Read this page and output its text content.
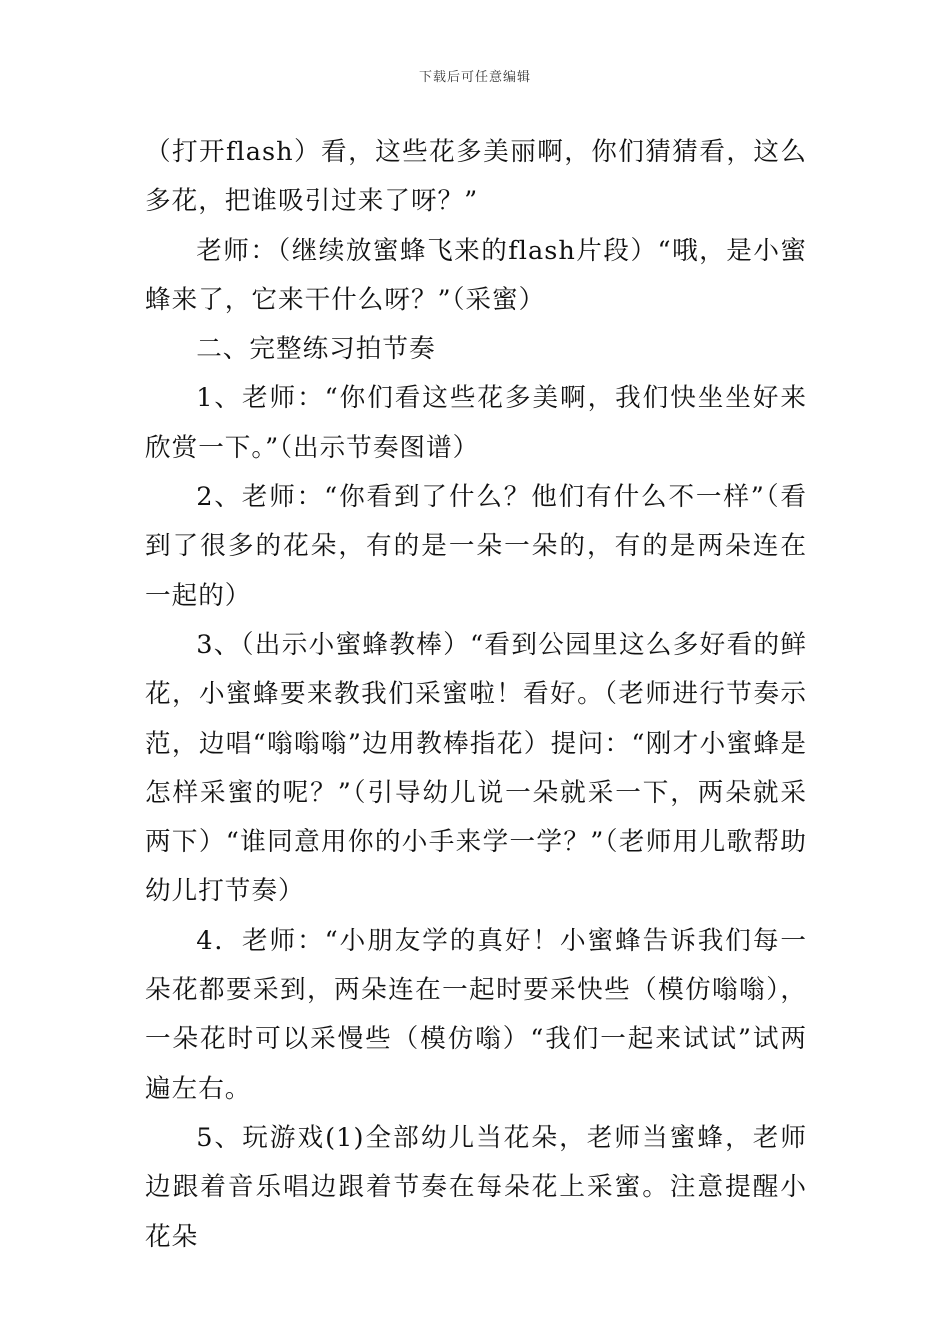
下载后可任意编辑

（打开flash）看，这些花多美丽啊，你们猜猜看，这么多花，把谁吸引过来了呀？”

老师：（继续放蜜蜂飞来的flash片段）“哦，是小蜜蜂来了，它来干什么呀？”（采蜜）

二、完整练习拍节奏

1、老师：“你们看这些花多美啊，我们快坐坐好来欣赏一下。”（出示节奏图谱）

2、老师：“你看到了什么？他们有什么不一样”（看到了很多的花朵，有的是一朵一朵的，有的是两朵连在一起的）

3、（出示小蜜蜂教棒）“看到公园里这么多好看的鲜花，小蜜蜂要来教我们采蜜啦！看好。（老师进行节奏示范，边唱“嗡嗡嗡”边用教棒指花）提问：“刚才小蜜蜂是怎样采蜜的呢？”（引导幼儿说一朵就采一下，两朵就采两下）“谁同意用你的小手来学一学？”（老师用儿歌帮助幼儿打节奏）

4．老师：“小朋友学的真好！小蜜蜂告诉我们每一朵花都要采到，两朵连在一起时要采快些（模仿嗡嗡），一朵花时可以采慢些（模仿嗡）“我们一起来试试”试两遍左右。

5、玩游戏(1)全部幼儿当花朵，老师当蜜蜂，老师边跟着音乐唱边跟着节奏在每朵花上采蜜。注意提醒小花朵
